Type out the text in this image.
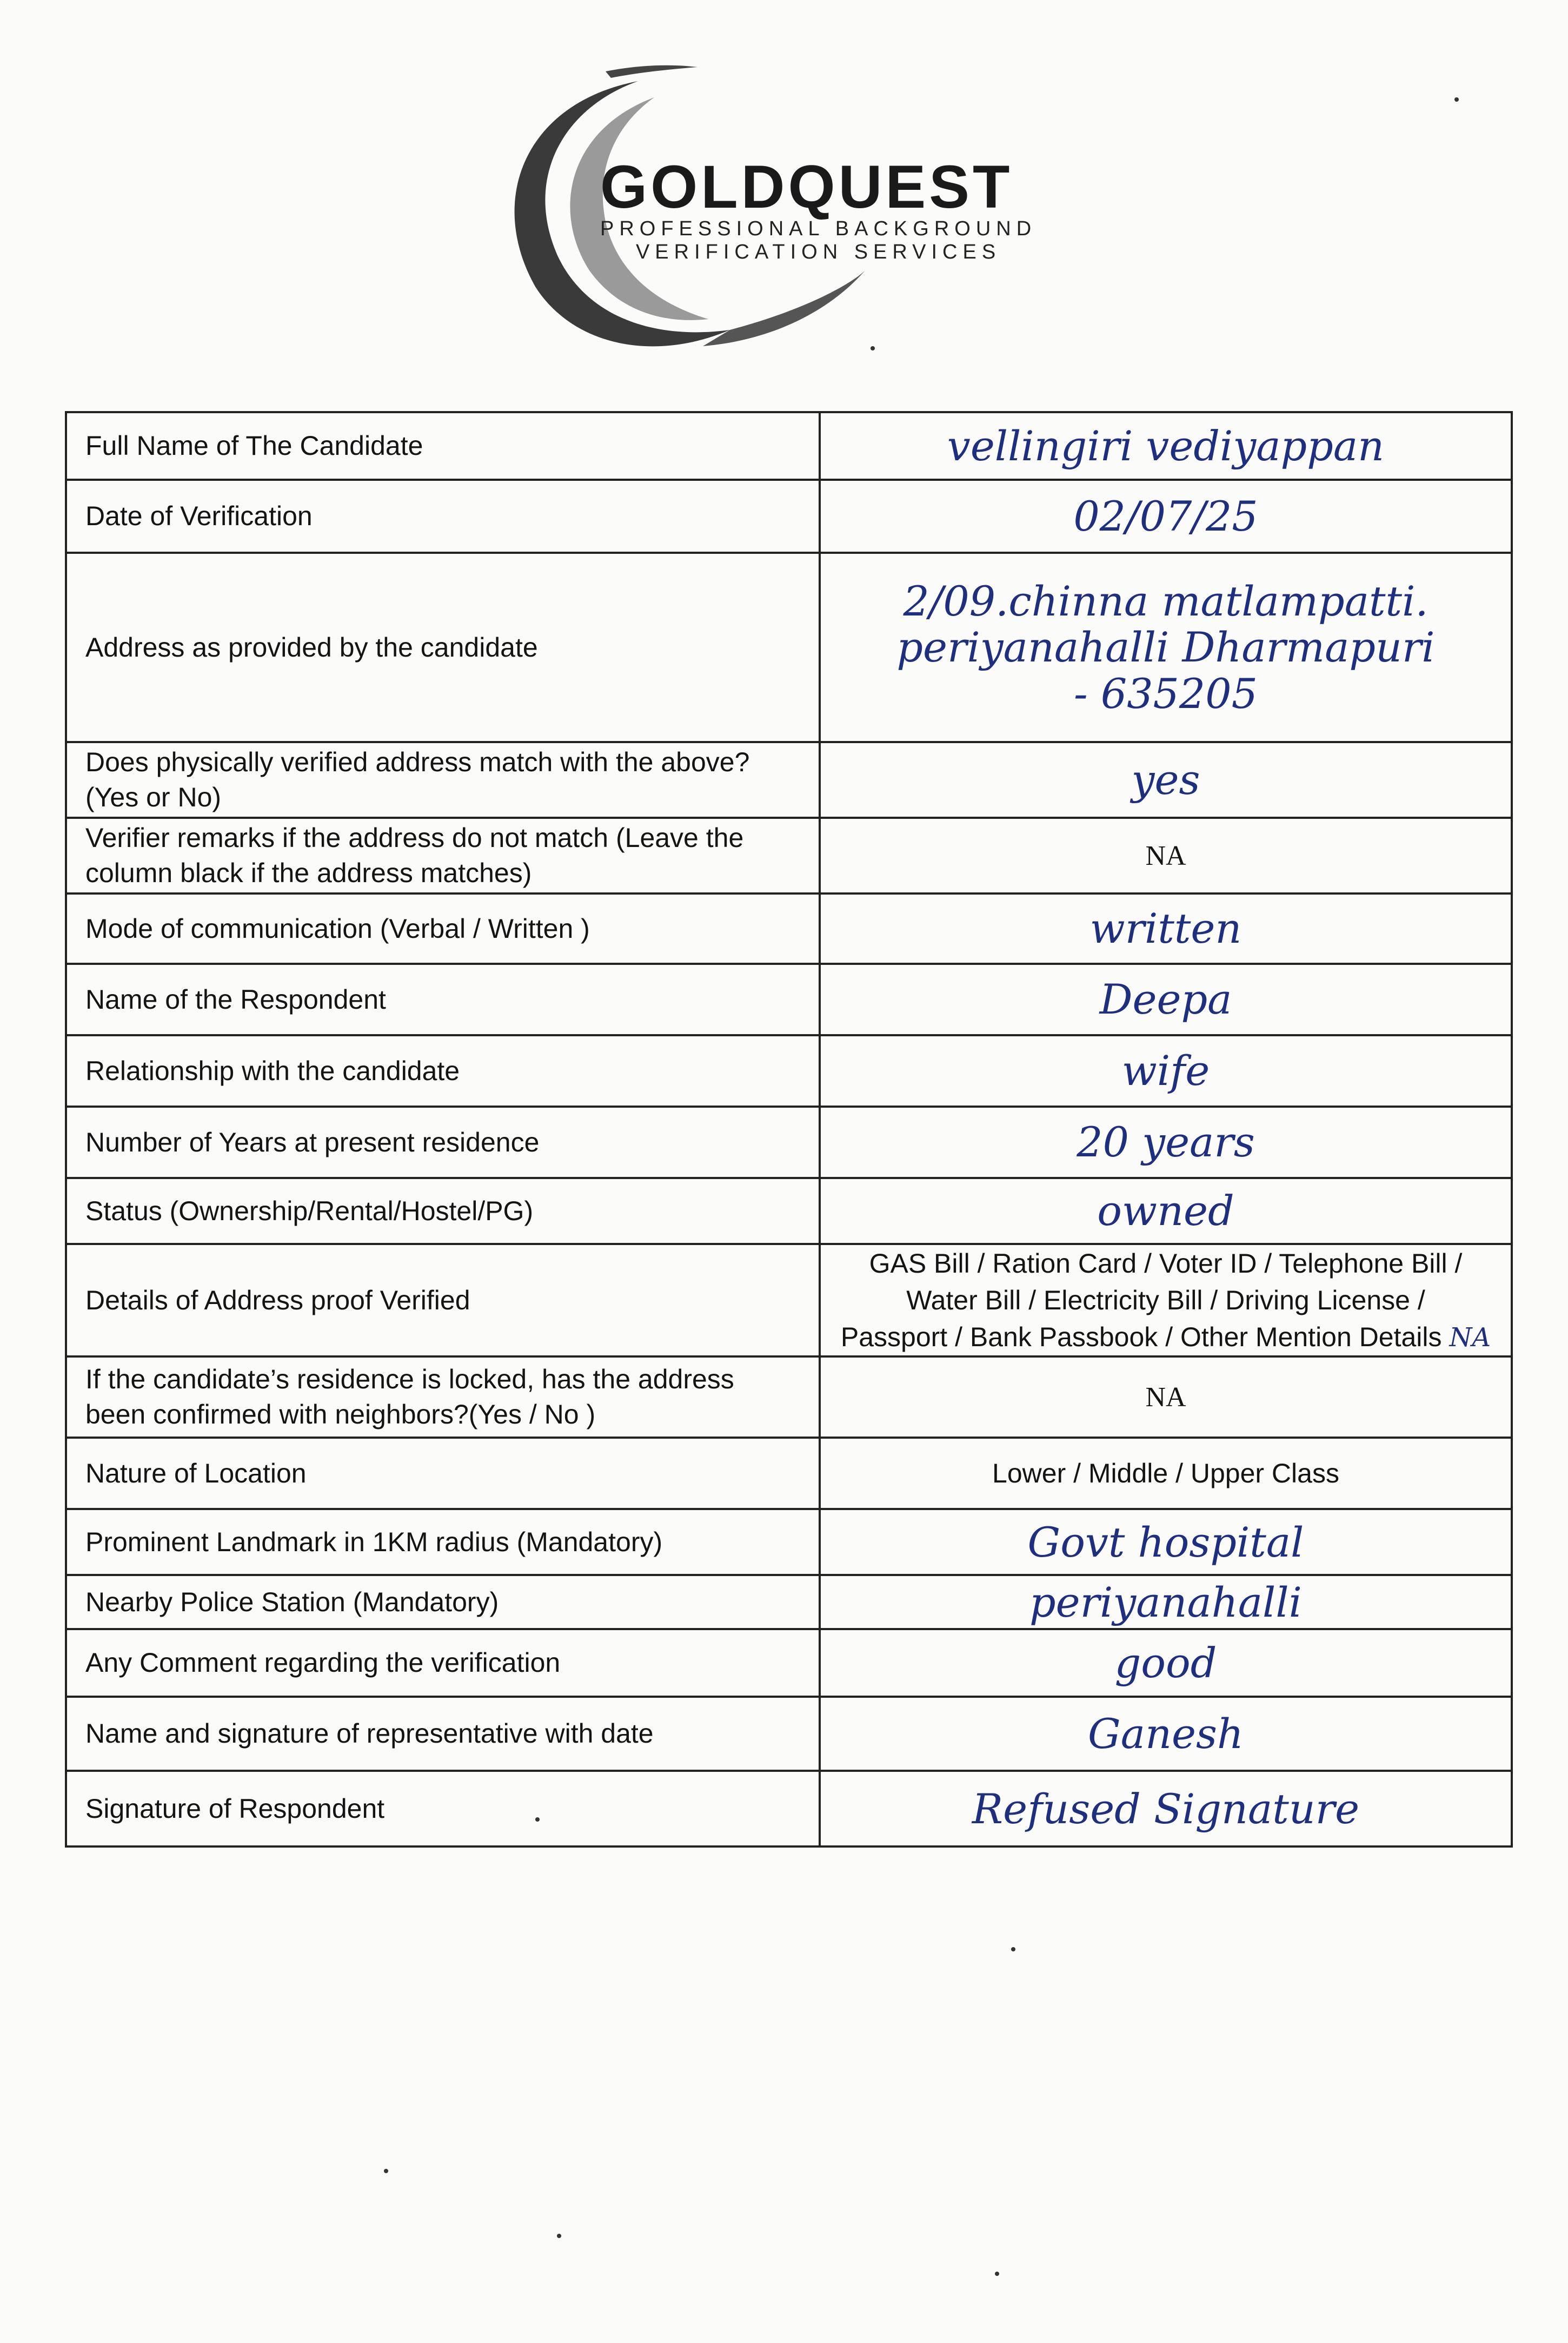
GOLDQUEST
PROFESSIONAL BACKGROUND
VERIFICATION SERVICES
Full Name of The Candidate	vellingiri vediyappan

Date of Verification	02/07/25

Address as provided by the candidate	2/09.chinna matlampatti.
periyanahalli Dharmapuri
- 635205

Does physically verified address match with the above?
(Yes or No)	yes

Verifier remarks if the address do not match (Leave the
column black if the address matches)	NA

Mode of communication (Verbal / Written )	written

Name of the Respondent	Deepa

Relationship with the candidate	wife

Number of Years at present residence	20 years

Status (Ownership/Rental/Hostel/PG)	owned

Details of Address proof Verified	GAS Bill / Ration Card / Voter ID / Telephone Bill /
Water Bill / Electricity Bill / Driving License /
Passport / Bank Passbook / Other Mention Details NA

If the candidate’s residence is locked, has the address
been confirmed with neighbors?(Yes / No )	NA

Nature of Location	Lower / Middle / Upper Class

Prominent Landmark in 1KM radius (Mandatory)	Govt hospital

Nearby Police Station (Mandatory)	periyanahalli

Any Comment regarding the verification	good

Name and signature of representative with date	Ganesh

Signature of Respondent	Refused Signature
